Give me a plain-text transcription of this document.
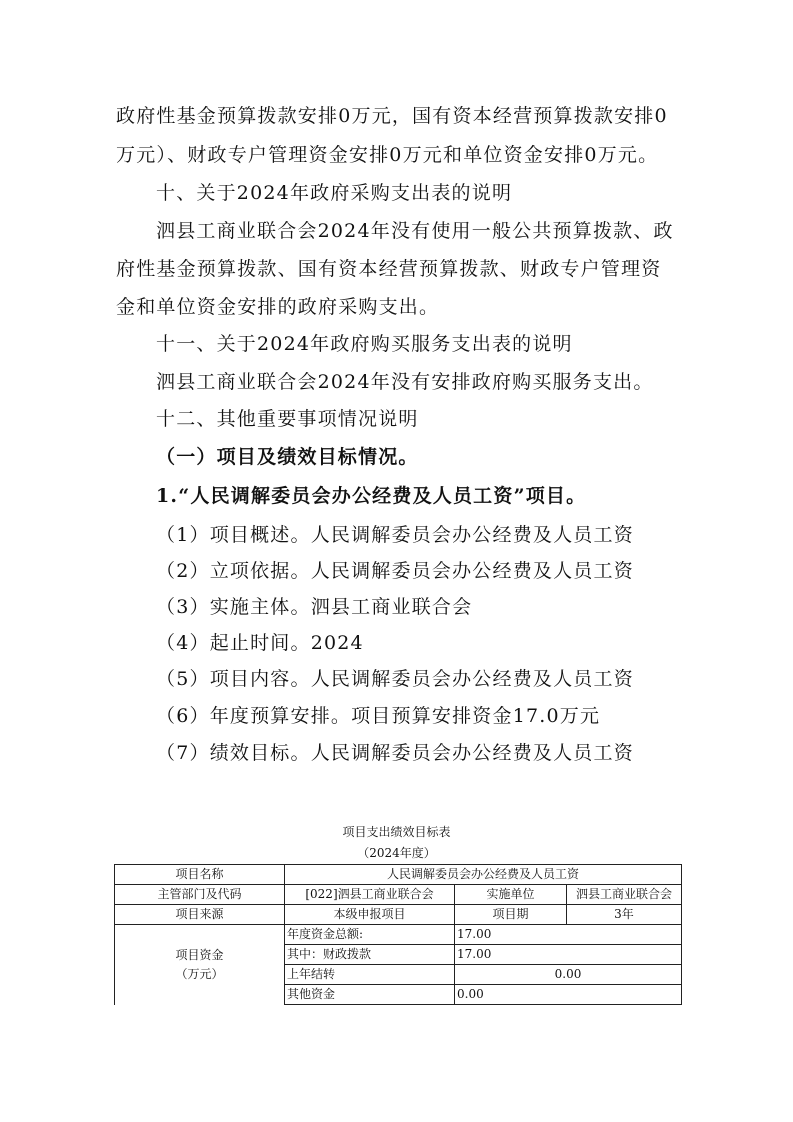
政府性基金预算拨款安排0万元，国有资本经营预算拨款安排0
万元）、财政专户管理资金安排0万元和单位资金安排0万元。
十、关于2024年政府采购支出表的说明
泗县工商业联合会2024年没有使用一般公共预算拨款、政
府性基金预算拨款、国有资本经营预算拨款、财政专户管理资
金和单位资金安排的政府采购支出。
十一、关于2024年政府购买服务支出表的说明
泗县工商业联合会2024年没有安排政府购买服务支出。
十二、其他重要事项情况说明
（一）项目及绩效目标情况。
1.“人民调解委员会办公经费及人员工资”项目。
（1）项目概述。人民调解委员会办公经费及人员工资
（2）立项依据。人民调解委员会办公经费及人员工资
（3）实施主体。泗县工商业联合会
（4）起止时间。2024
（5）项目内容。人民调解委员会办公经费及人员工资
（6）年度预算安排。项目预算安排资金17.0万元
（7）绩效目标。人民调解委员会办公经费及人员工资
项目支出绩效目标表
（2024年度）
项目名称	人民调解委员会办公经费及人员工资		
主管部门及代码	[022]泗县工商业联合会	实施单位	泗县工商业联合会
项目来源	本级申报项目	项目期	3年

项目资金
（万元）	年度资金总额:	17.00	
	其中：财政拨款	17.00	
	上年结转	0.00	
	其他资金	0.00	
